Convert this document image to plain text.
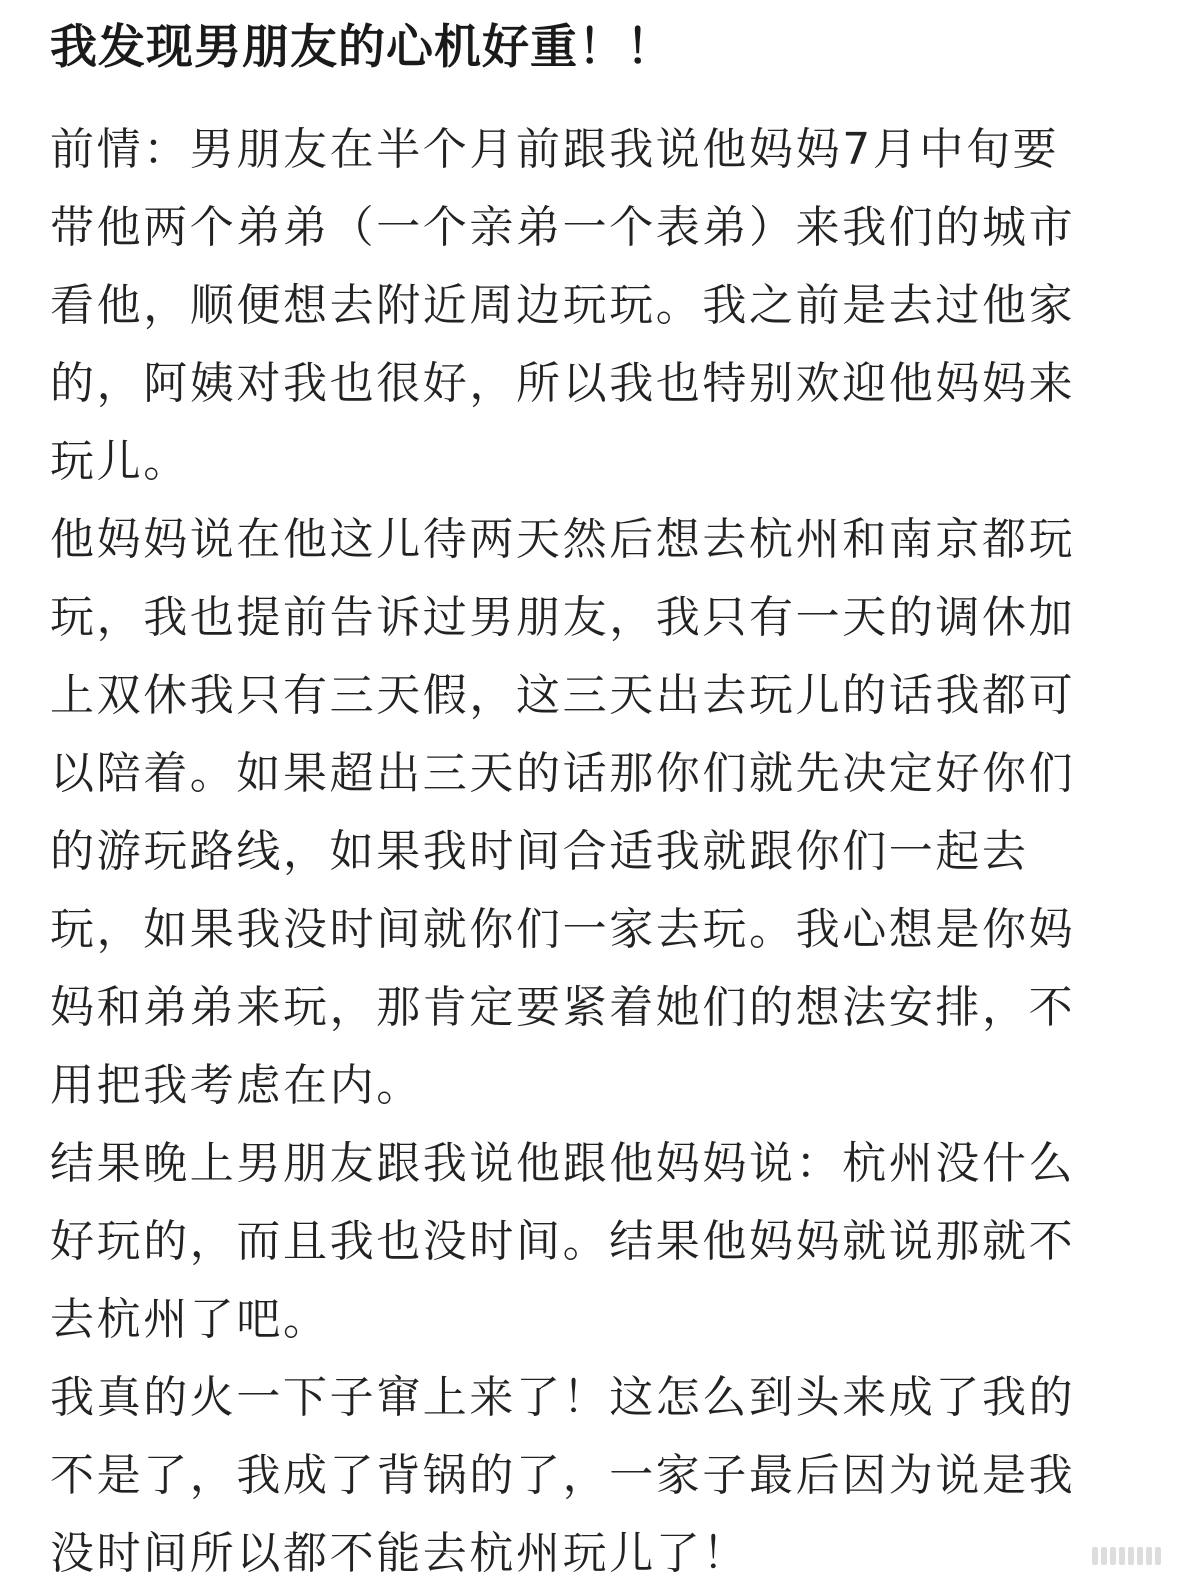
我发现男朋友的心机好重！！
前情：男朋友在半个月前跟我说他妈妈7月中旬要
带他两个弟弟（一个亲弟一个表弟）来我们的城市
看他，顺便想去附近周边玩玩。我之前是去过他家
的，阿姨对我也很好，所以我也特别欢迎他妈妈来
玩儿。
他妈妈说在他这儿待两天然后想去杭州和南京都玩
玩，我也提前告诉过男朋友，我只有一天的调休加
上双休我只有三天假，这三天出去玩儿的话我都可
以陪着。如果超出三天的话那你们就先决定好你们
的游玩路线，如果我时间合适我就跟你们一起去
玩，如果我没时间就你们一家去玩。我心想是你妈
妈和弟弟来玩，那肯定要紧着她们的想法安排，不
用把我考虑在内。
结果晚上男朋友跟我说他跟他妈妈说：杭州没什么
好玩的，而且我也没时间。结果他妈妈就说那就不
去杭州了吧。
我真的火一下子窜上来了！这怎么到头来成了我的
不是了，我成了背锅的了，一家子最后因为说是我
没时间所以都不能去杭州玩儿了！
